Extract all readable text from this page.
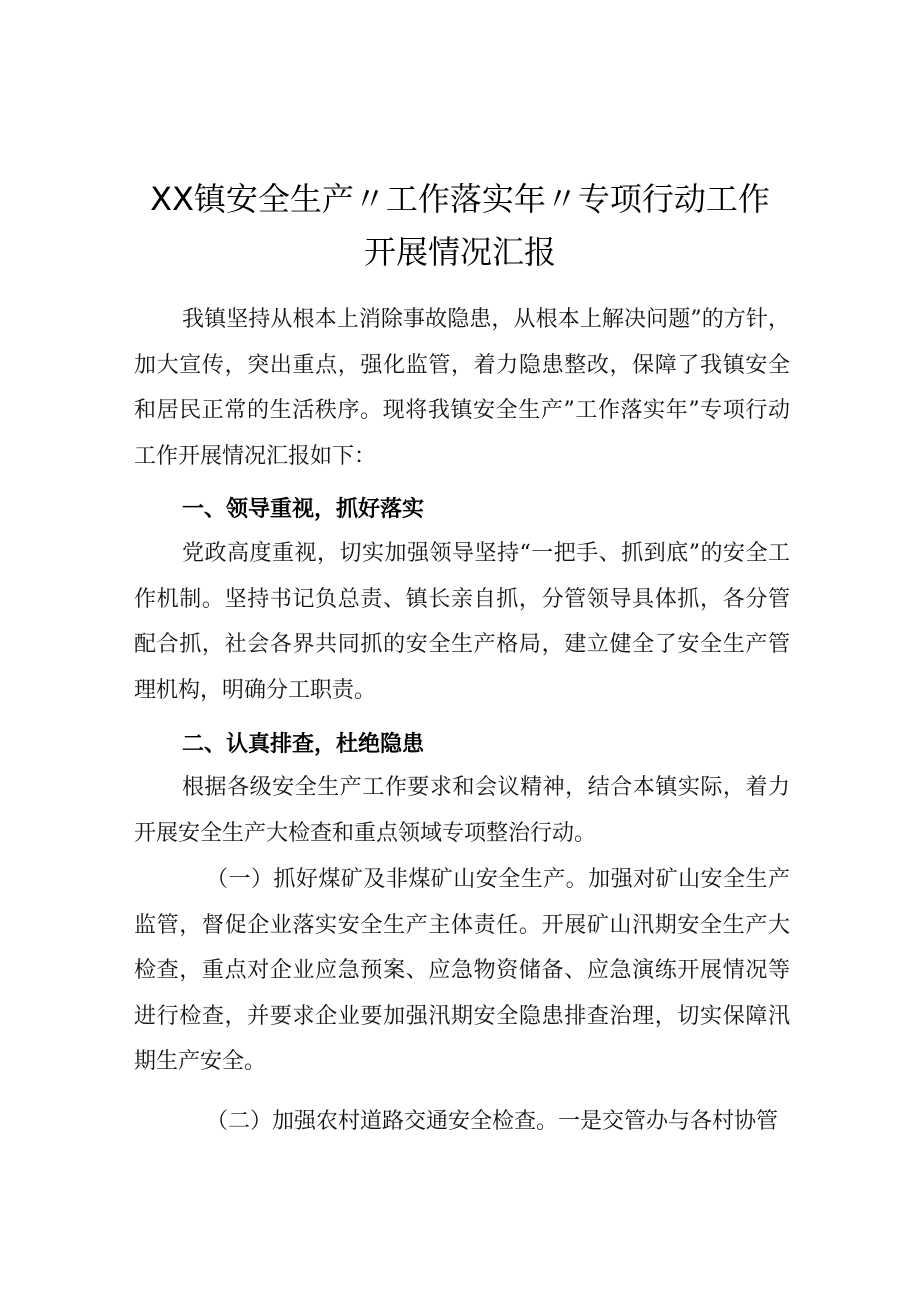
XX镇安全生产〃工作落实年〃专项行动工作
开展情况汇报

我镇坚持从根本上消除事故隐患，从根本上解决问题”的方针，加大宣传，突出重点，强化监管，着力隐患整改，保障了我镇安全和居民正常的生活秩序。现将我镇安全生产”工作落实年”专项行动工作开展情况汇报如下：

一、领导重视，抓好落实

党政高度重视，切实加强领导坚持“一把手、抓到底”的安全工作机制。坚持书记负总责、镇长亲自抓，分管领导具体抓，各分管配合抓，社会各界共同抓的安全生产格局，建立健全了安全生产管理机构，明确分工职责。

二、认真排查，杜绝隐患

根据各级安全生产工作要求和会议精神，结合本镇实际，着力开展安全生产大检查和重点领域专项整治行动。

（一）抓好煤矿及非煤矿山安全生产。加强对矿山安全生产监管，督促企业落实安全生产主体责任。开展矿山汛期安全生产大检查，重点对企业应急预案、应急物资储备、应急演练开展情况等进行检查，并要求企业要加强汛期安全隐患排查治理，切实保障汛期生产安全。

（二）加强农村道路交通安全检查。一是交管办与各村协管
